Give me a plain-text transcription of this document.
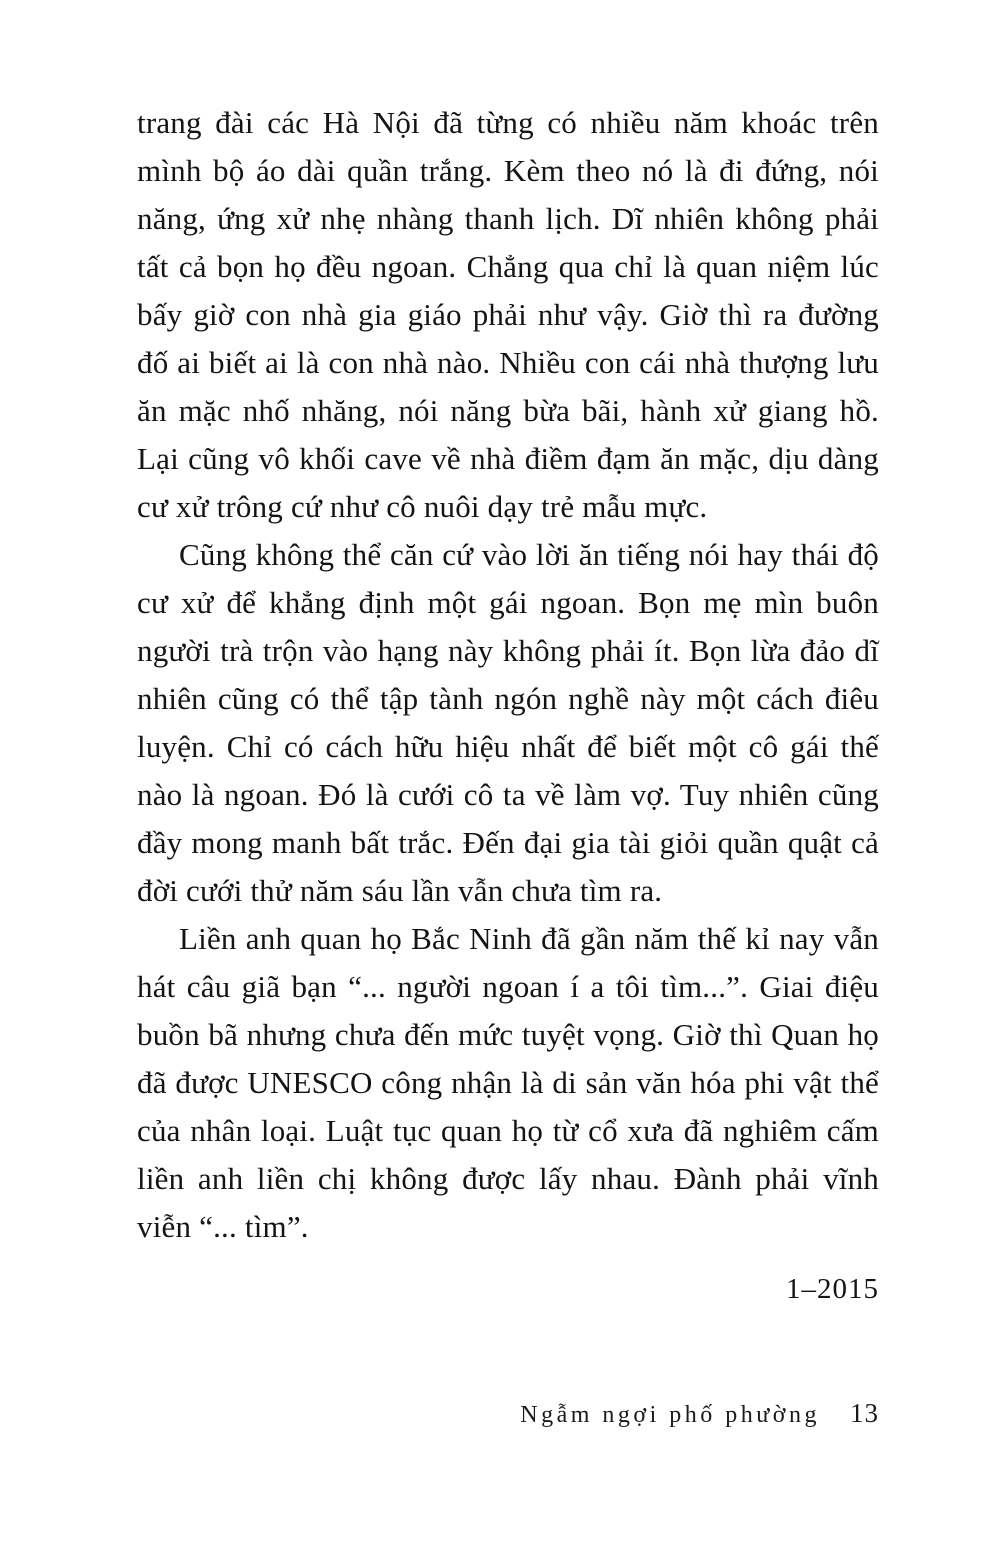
trang đài các Hà Nội đã từng có nhiều năm khoác trên mình bộ áo dài quần trắng. Kèm theo nó là đi đứng, nói năng, ứng xử nhẹ nhàng thanh lịch. Dĩ nhiên không phải tất cả bọn họ đều ngoan. Chẳng qua chỉ là quan niệm lúc bấy giờ con nhà gia giáo phải như vậy. Giờ thì ra đường đố ai biết ai là con nhà nào. Nhiều con cái nhà thượng lưu ăn mặc nhố nhăng, nói năng bừa bãi, hành xử giang hồ. Lại cũng vô khối cave về nhà điềm đạm ăn mặc, dịu dàng cư xử trông cứ như cô nuôi dạy trẻ mẫu mực.

Cũng không thể căn cứ vào lời ăn tiếng nói hay thái độ cư xử để khẳng định một gái ngoan. Bọn mẹ mìn buôn người trà trộn vào hạng này không phải ít. Bọn lừa đảo dĩ nhiên cũng có thể tập tành ngón nghề này một cách điêu luyện. Chỉ có cách hữu hiệu nhất để biết một cô gái thế nào là ngoan. Đó là cưới cô ta về làm vợ. Tuy nhiên cũng đầy mong manh bất trắc. Đến đại gia tài giỏi quần quật cả đời cưới thử năm sáu lần vẫn chưa tìm ra.

Liền anh quan họ Bắc Ninh đã gần năm thế kỉ nay vẫn hát câu giã bạn “... người ngoan í a tôi tìm...”. Giai điệu buồn bã nhưng chưa đến mức tuyệt vọng. Giờ thì Quan họ đã được UNESCO công nhận là di sản văn hóa phi vật thể của nhân loại. Luật tục quan họ từ cổ xưa đã nghiêm cấm liền anh liền chị không được lấy nhau. Đành phải vĩnh viễn “... tìm”.

1–2015
Ngẫm ngợi phố phường 13
